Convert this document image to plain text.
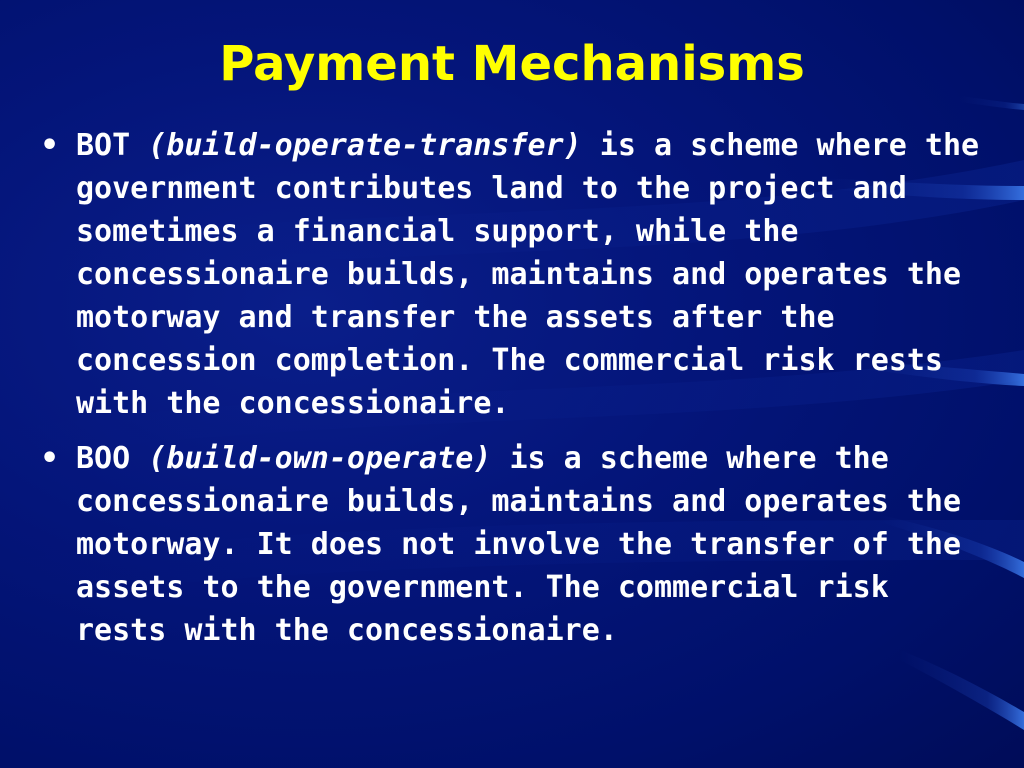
Payment Mechanisms
• BOT (build-operate-transfer) is a scheme where the government contributes land to the project and sometimes a financial support, while the concessionaire builds, maintains and operates the motorway and transfer the assets after the concession completion. The commercial risk rests with the concessionaire.
• BOO (build-own-operate) is a scheme where the concessionaire builds, maintains and operates the motorway. It does not involve the transfer of the assets to the government. The commercial risk rests with the concessionaire.
